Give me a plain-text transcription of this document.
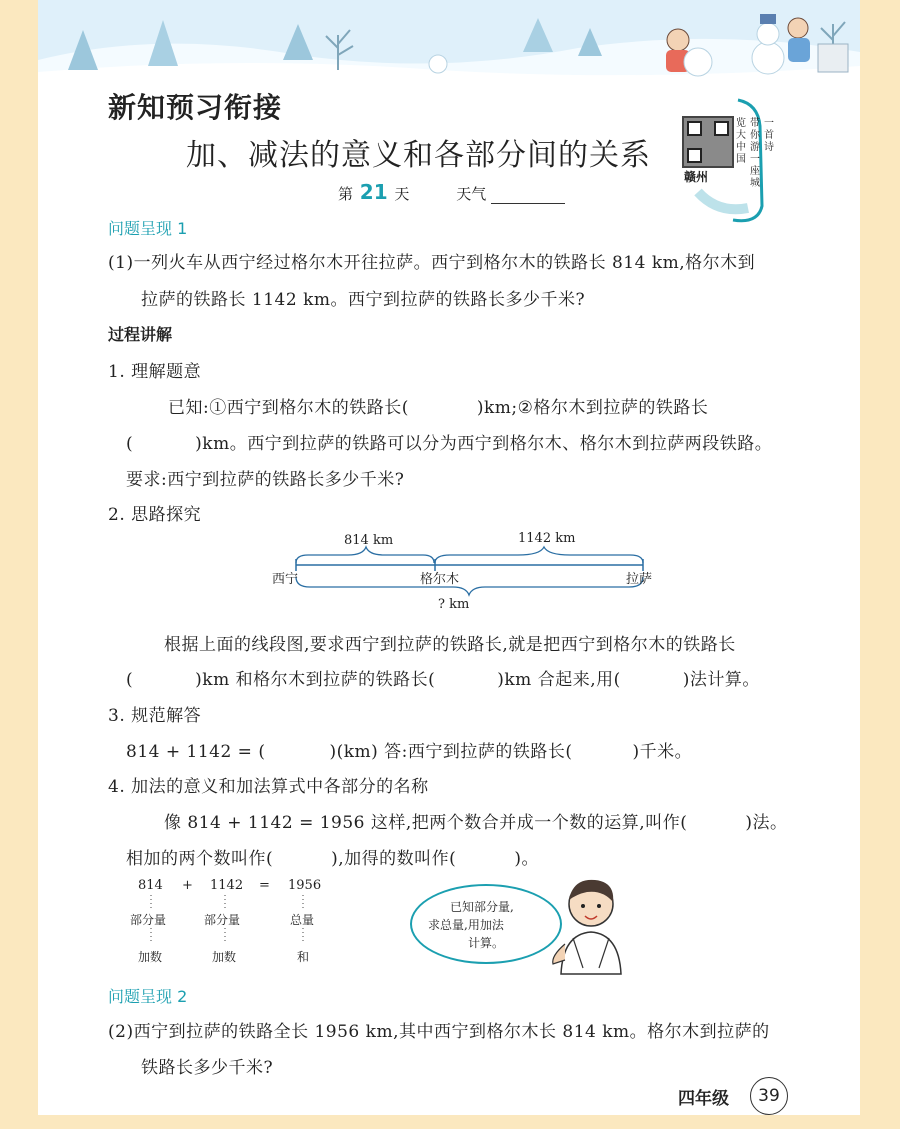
新知预习衔接
加、减法的意义和各部分间的关系
第 21 天	天气
赣州
一首诗
带你游一座城
览大中国
问题呈现 1
(1)一列火车从西宁经过格尔木开往拉萨。西宁到格尔木的铁路长 814 km,格尔木到
拉萨的铁路长 1142 km。西宁到拉萨的铁路长多少千米?
过程讲解
1. 理解题意
已知:①西宁到格尔木的铁路长(	)km;②格尔木到拉萨的铁路长
(	)km。西宁到拉萨的铁路可以分为西宁到格尔木、格尔木到拉萨两段铁路。
要求:西宁到拉萨的铁路长多少千米?
2. 思路探究
814 km	1142 km
西宁	格尔木	拉萨
? km
根据上面的线段图,要求西宁到拉萨的铁路长,就是把西宁到格尔木的铁路长
(	)km 和格尔木到拉萨的铁路长(	)km 合起来,用(	)法计算。
3. 规范解答
814 + 1142 = (	)(km) 答:西宁到拉萨的铁路长(	)千米。
4. 加法的意义和加法算式中各部分的名称
像 814 + 1142 = 1956 这样,把两个数合并成一个数的运算,叫作(	)法。
相加的两个数叫作(	),加得的数叫作(	)。
814 + 1142 = 1956
部分量	部分量	总量
加数	加数	和
已知部分量,
求总量,用加法
计算。
问题呈现 2
(2)西宁到拉萨的铁路全长 1956 km,其中西宁到格尔木长 814 km。格尔木到拉萨的
铁路长多少千米?
四年级	39
